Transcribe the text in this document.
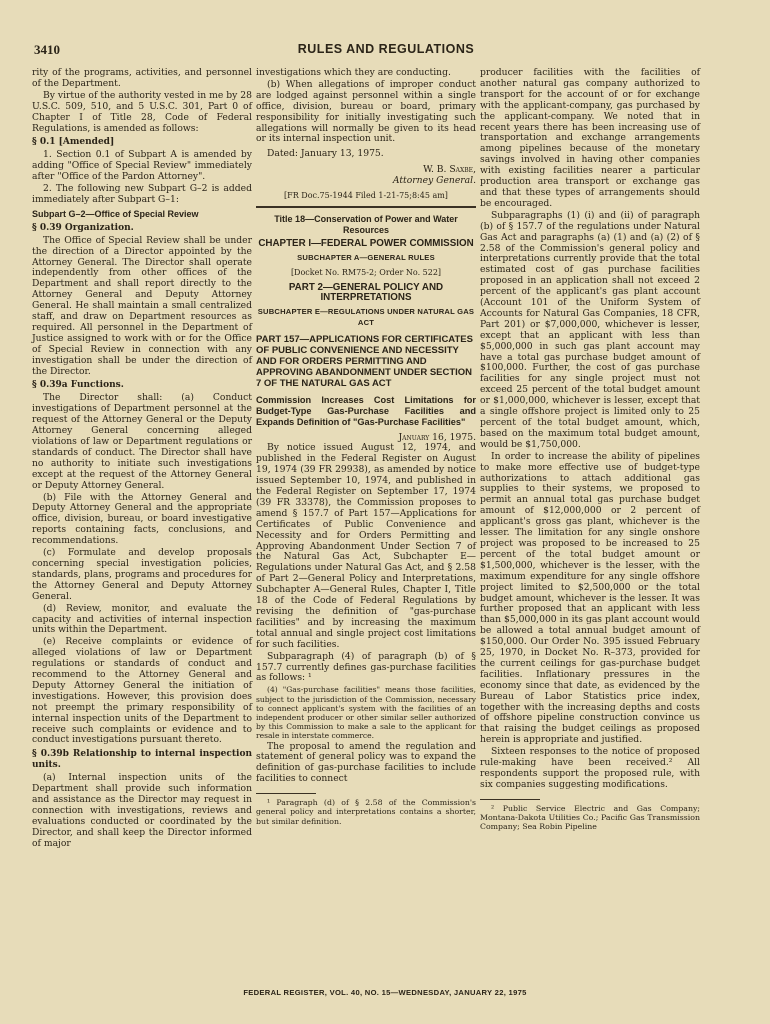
3410	RULES AND REGULATIONS

rity of the programs, activities, and personnel of the Department.

By virtue of the authority vested in me by 28 U.S.C. 509, 510, and 5 U.S.C. 301, Part 0 of Chapter I of Title 28, Code of Federal Regulations, is amended as follows:

§ 0.1 [Amended]

1. Section 0.1 of Subpart A is amended by adding "Office of Special Review" immediately after "Office of the Pardon Attorney".

2. The following new Subpart G–2 is added immediately after Subpart G–1:

Subpart G–2—Office of Special Review
§ 0.39 Organization.

The Office of Special Review shall be under the direction of a Director appointed by the Attorney General. The Director shall operate independently from other offices of the Department and shall report directly to the Attorney General and Deputy Attorney General. He shall maintain a small centralized staff, and draw on Department resources as required. All personnel in the Department of Justice assigned to work with or for the Office of Special Review in connection with any investigation shall be under the direction of the Director.

§ 0.39a Functions.

The Director shall: (a) Conduct investigations of Department personnel at the request of the Attorney General or the Deputy Attorney General concerning alleged violations of law or Department regulations or standards of conduct. The Director shall have no authority to initiate such investigations except at the request of the Attorney General or Deputy Attorney General.

(b) File with the Attorney General and Deputy Attorney General and the appropriate office, division, bureau, or board investigative reports containing facts, conclusions, and recommendations.

(c) Formulate and develop proposals concerning special investigation policies, standards, plans, programs and procedures for the Attorney General and Deputy Attorney General.

(d) Review, monitor, and evaluate the capacity and activities of internal inspection units within the Department.

(e) Receive complaints or evidence of alleged violations of law or Department regulations or standards of conduct and recommend to the Attorney General and Deputy Attorney General the initiation of investigations. However, this provision does not preempt the primary responsibility of internal inspection units of the Department to receive such complaints or evidence and to conduct investigations pursuant thereto.

§ 0.39b Relationship to internal inspection units.

(a) Internal inspection units of the Department shall provide such information and assistance as the Director may request in connection with investigations, reviews and evaluations conducted or coordinated by the Director, and shall keep the Director informed of major

investigations which they are conducting.

(b) When allegations of improper conduct are lodged against personnel within a single office, division, bureau or board, primary responsibility for initially investigating such allegations will normally be given to its head or its internal inspection unit.

Dated: January 13, 1975.
W. B. Saxbe,
Attorney General.
[FR Doc.75-1944 Filed 1-21-75;8:45 am]
Title 18—Conservation of Power and Water Resources
CHAPTER I—FEDERAL POWER COMMISSION
SUBCHAPTER A—GENERAL RULES
[Docket No. RM75-2; Order No. 522]
PART 2—GENERAL POLICY AND INTERPRETATIONS
SUBCHAPTER E—REGULATIONS UNDER NATURAL GAS ACT
PART 157—APPLICATIONS FOR CERTIFICATES OF PUBLIC CONVENIENCE AND NECESSITY AND FOR ORDERS PERMITTING AND APPROVING ABANDONMENT UNDER SECTION 7 OF THE NATURAL GAS ACT
Commission Increases Cost Limitations for Budget-Type Gas-Purchase Facilities and Expands Definition of "Gas-Purchase Facilities"
January 16, 1975.

By notice issued August 12, 1974, and published in the Federal Register on August 19, 1974 (39 FR 29938), as amended by notice issued September 10, 1974, and published in the Federal Register on September 17, 1974 (39 FR 33378), the Commission proposes to amend § 157.7 of Part 157—Applications for Certificates of Public Convenience and Necessity and for Orders Permitting and Approving Abandonment Under Section 7 of the Natural Gas Act, Subchapter E—Regulations under Natural Gas Act, and § 2.58 of Part 2—General Policy and Interpretations, Subchapter A—General Rules, Chapter I, Title 18 of the Code of Federal Regulations by revising the definition of "gas-purchase facilities" and by increasing the maximum total annual and single project cost limitations for such facilities.

Subparagraph (4) of paragraph (b) of § 157.7 currently defines gas-purchase facilities as follows: ¹

(4) "Gas-purchase facilities" means those facilities, subject to the jurisdiction of the Commission, necessary to connect applicant's system with the facilities of an independent producer or other similar seller authorized by this Commission to make a sale to the applicant for resale in interstate commerce.

The proposal to amend the regulation and statement of general policy was to expand the definition of gas-purchase facilities to include facilities to connect

¹ Paragraph (d) of § 2.58 of the Commission's general policy and interpretations contains a shorter, but similar definition.

producer facilities with the facilities of another natural gas company authorized to transport for the account of or for exchange with the applicant-company, gas purchased by the applicant-company. We noted that in recent years there has been increasing use of transportation and exchange arrangements among pipelines because of the monetary savings involved in having other companies with existing facilities nearer a particular production area transport or exchange gas and that these types of arrangements should be encouraged.

Subparagraphs (1) (i) and (ii) of paragraph (b) of § 157.7 of the regulations under Natural Gas Act and paragraphs (a) (1) and (a) (2) of § 2.58 of the Commission's general policy and interpretations currently provide that the total estimated cost of gas purchase facilities proposed in an application shall not exceed 2 percent of the applicant's gas plant account (Account 101 of the Uniform System of Accounts for Natural Gas Companies, 18 CFR, Part 201) or $7,000,000, whichever is lesser, except that an applicant with less than $5,000,000 in such gas plant account may have a total gas purchase budget amount of $100,000. Further, the cost of gas purchase facilities for any single project must not exceed 25 percent of the total budget amount or $1,000,000, whichever is lesser, except that a single offshore project is limited only to 25 percent of the total budget amount, which, based on the maximum total budget amount, would be $1,750,000.

In order to increase the ability of pipelines to make more effective use of budget-type authorizations to attach additional gas supplies to their systems, we proposed to permit an annual total gas purchase budget amount of $12,000,000 or 2 percent of applicant's gross gas plant, whichever is the lesser. The limitation for any single onshore project was proposed to be increased to 25 percent of the total budget amount or $1,500,000, whichever is the lesser, with the maximum expenditure for any single offshore project limited to $2,500,000 or the total budget amount, whichever is the lesser. It was further proposed that an applicant with less than $5,000,000 in its gas plant account would be allowed a total annual budget amount of $150,000. Our Order No. 395 issued February 25, 1970, in Docket No. R–373, provided for the current ceilings for gas-purchase budget facilities. Inflationary pressures in the economy since that date, as evidenced by the Bureau of Labor Statistics price index, together with the increasing depths and costs of offshore pipeline construction convince us that raising the budget ceilings as proposed herein is appropriate and justified.

Sixteen responses to the notice of proposed rule-making have been received.² All respondents support the proposed rule, with six companies suggesting modifications.

² Public Service Electric and Gas Company; Montana-Dakota Utilities Co.; Pacific Gas Transmission Company; Sea Robin Pipeline

FEDERAL REGISTER, VOL. 40, NO. 15—WEDNESDAY, JANUARY 22, 1975
